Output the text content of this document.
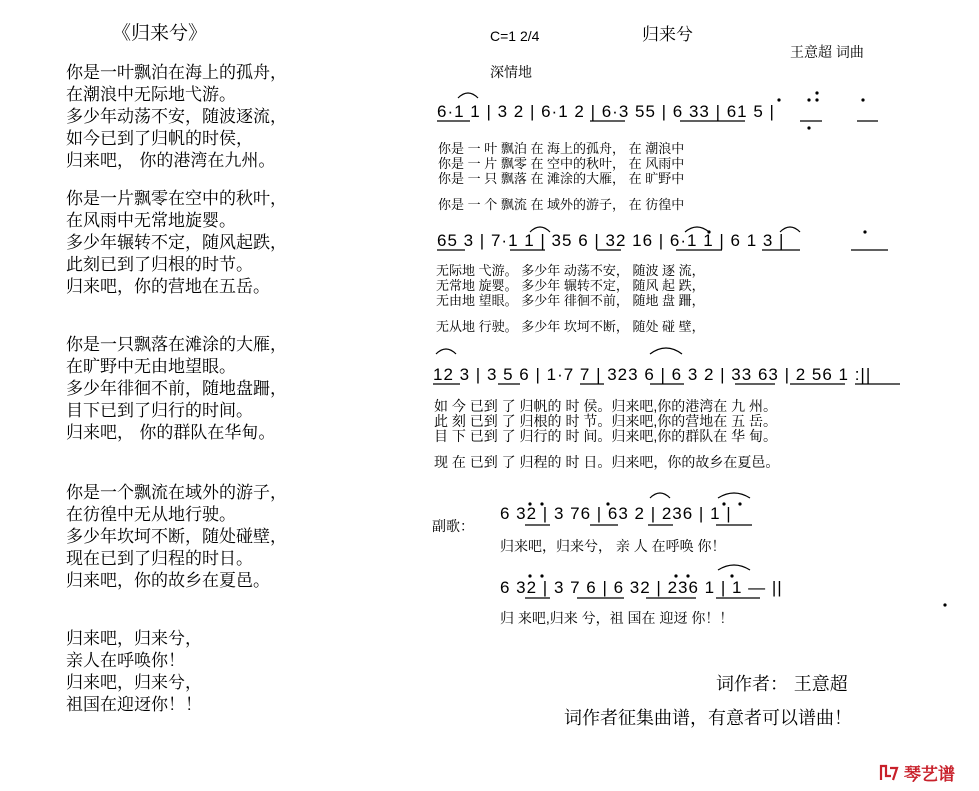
《归来兮》
你是一叶飘泊在海上的孤舟，
在潮浪中无际地弋游。
多少年动荡不安，随波逐流，
如今已到了归帆的时侯，
归来吧， 你的港湾在九州。
你是一片飘零在空中的秋叶，
在风雨中无常地旋婴。
多少年辗转不定，随风起跌，
此刻已到了归根的时节。
归来吧，你的营地在五岳。
你是一只飘落在滩涂的大雁，
在旷野中无由地望眼。
多少年徘徊不前，随地盘跚，
目下已到了归行的时间。
归来吧， 你的群队在华甸。
你是一个飘流在域外的游子，
在彷徨中无从地行驶。
多少年坎坷不断，随处碰壁，
现在已到了归程的时日。
归来吧，你的故乡在夏邑。
归来吧，归来兮，
亲人在呼唤你！
归来吧，归来兮，
祖国在迎迓你！！
C=1 2/4	归来兮
王意超 词曲
深情地
6·1 1 | 3 2 | 6·1 2 | 6·3 55 | 6 33 | 61 5 |
你是 一 叶 飘泊 在 海上的孤舟， 在 潮浪中
你是 一 片 飘零 在 空中的秋叶， 在 风雨中
你是 一 只 飘落 在 滩涂的大雁， 在 旷野中
你是 一 个 飘流 在 域外的游子， 在 彷徨中
65 3 | 7·1 1 | 35 6 | 32 16 | 6·1 1 | 6 1 3 |
无际地 弋游。 多少年 动荡不安， 随波 逐 流，
无常地 旋婴。 多少年 辗转不定， 随风 起 跌，
无由地 望眼。 多少年 徘徊不前， 随地 盘 跚，
无从地 行驶。 多少年 坎坷不断， 随处 碰 壁，
12 3 | 3 5 6 | 1·7 7 | 323 6 | 6 3 2 | 33 63 | 2 56 1 :||
如 今 已到 了 归帆的 时 侯。归来吧,你的港湾在 九 州。
此 刻 已到 了 归根的 时 节。归来吧,你的营地在 五 岳。
目 下 已到 了 归行的 时 间。归来吧,你的群队在 华 甸。
现 在 已到 了 归程的 时 日。归来吧，你的故乡在夏邑。
副歌：
6 32 | 3 76 | 63 2 | 236 | 1 |
归来吧，归来兮， 亲 人 在呼唤 你！
6 32 | 3 7 6 | 6 32 | 236 1 | 1 — ||
归 来吧,归来 兮，祖 国在 迎迓 你！！
词作者： 王意超
词作者征集曲谱，有意者可以谱曲！
琴艺谱
